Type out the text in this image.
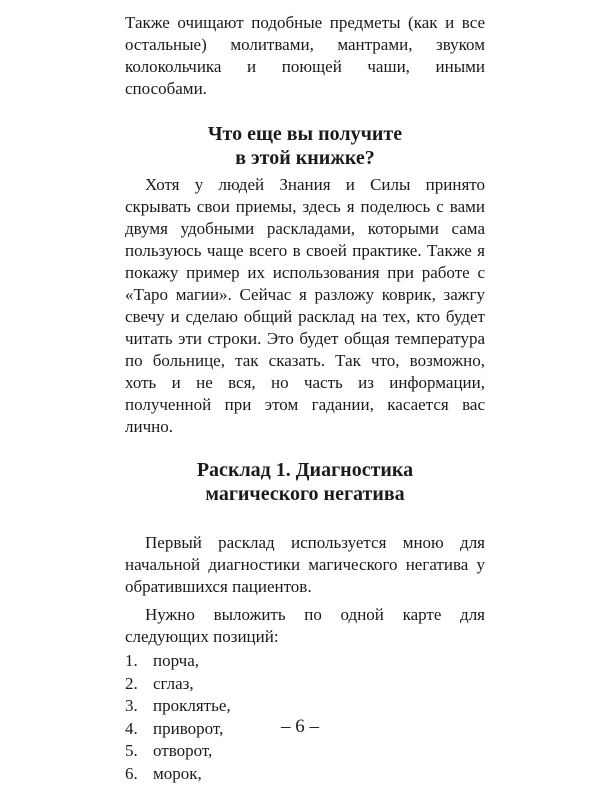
Также очищают подобные предметы (как и все остальные) молитвами, мантрами, звуком колокольчика и поющей чаши, иными способами.

Что еще вы получите
в этой книжке?

Хотя у людей Знания и Силы принято скрывать свои приемы, здесь я поделюсь с вами двумя удобными раскладами, которыми сама пользуюсь чаще всего в своей практике. Также я покажу пример их использования при работе с «Таро магии». Сейчас я разложу коврик, зажгу свечу и сделаю общий расклад на тех, кто будет читать эти строки. Это будет общая температура по больнице, так сказать. Так что, возможно, хоть и не вся, но часть из информации, полученной при этом гадании, касается вас лично.

Расклад 1. Диагностика
магического негатива

Первый расклад используется мною для начальной диагностики магического негатива у обратившихся пациентов.

Нужно выложить по одной карте для следующих позиций:

1. порча,
2. сглаз,
3. проклятье,
4. приворот,
5. отворот,
6. морок,
– 6 –
